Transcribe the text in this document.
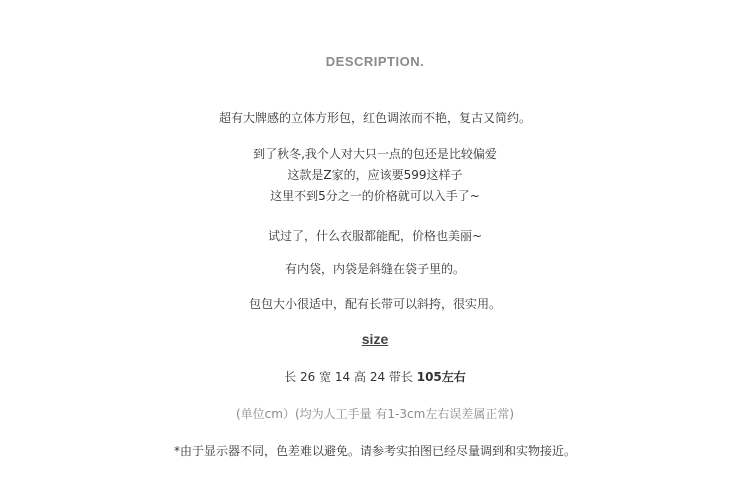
DESCRIPTION.
超有大牌感的立体方形包，红色调浓而不艳，复古又简约。
到了秋冬,我个人对大只一点的包还是比较偏爱
这款是Z家的，应该要599这样子
这里不到5分之一的价格就可以入手了~
试过了，什么衣服都能配，价格也美丽~
有内袋，内袋是斜缝在袋子里的。
包包大小很适中，配有长带可以斜挎，很实用。
size
长 26 宽 14 高 24 带长 105左右
(单位cm）(均为人工手量 有1-3cm左右误差属正常)
*由于显示器不同，色差难以避免。请参考实拍图已经尽量调到和实物接近。
